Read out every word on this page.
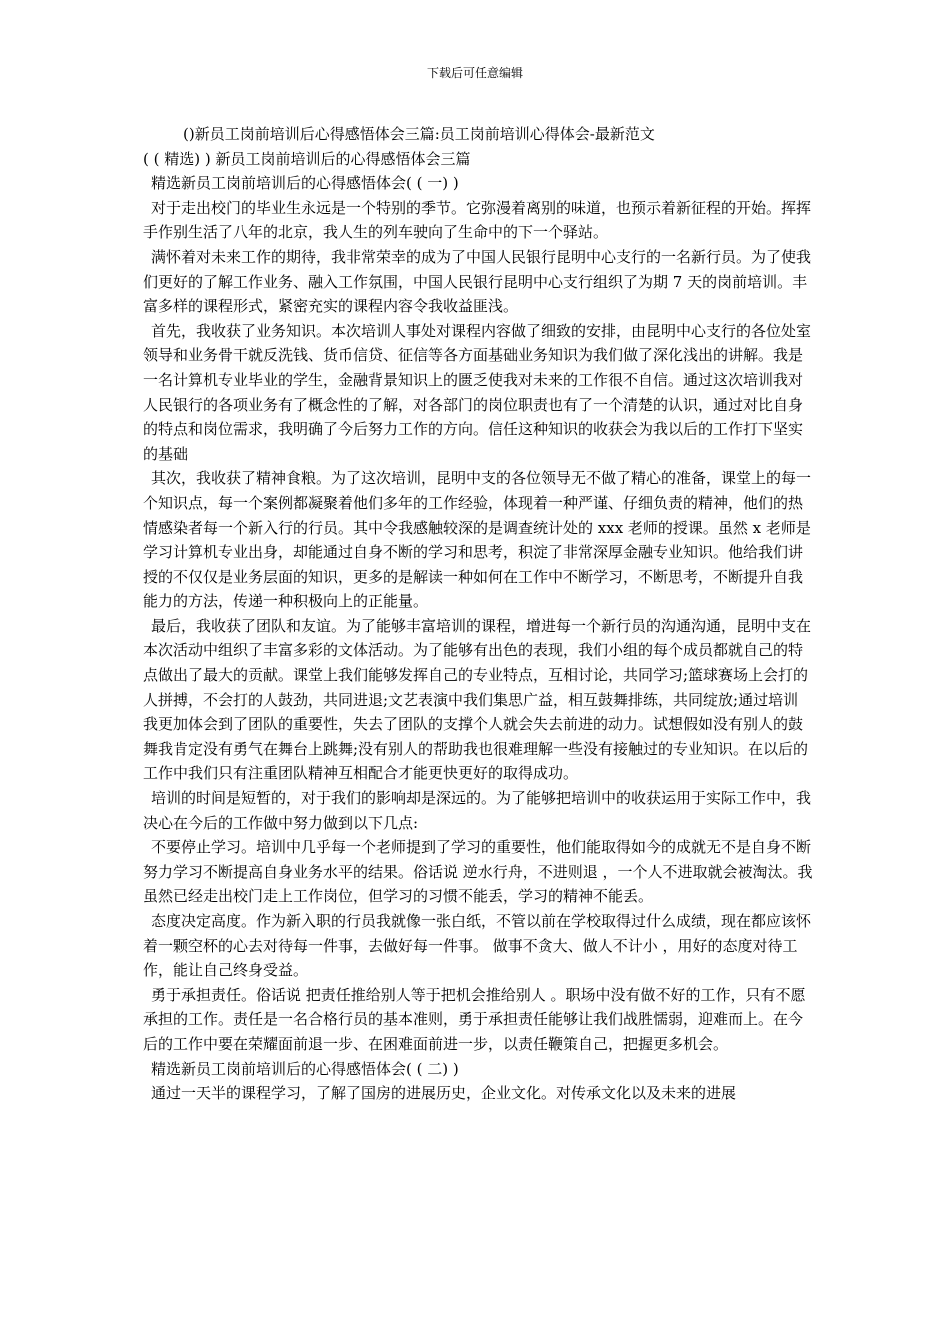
下载后可任意编辑

()新员工岗前培训后心得感悟体会三篇:员工岗前培训心得体会-最新范文

( ( 精选) ) 新员工岗前培训后的心得感悟体会三篇

精选新员工岗前培训后的心得感悟体会( ( 一) )

对于走出校门的毕业生永远是一个特别的季节。它弥漫着离别的味道，也预示着新征程的开始。挥挥手作别生活了八年的北京，我人生的列车驶向了生命中的下一个驿站。

满怀着对未来工作的期待，我非常荣幸的成为了中国人民银行昆明中心支行的一名新行员。为了使我们更好的了解工作业务、融入工作氛围，中国人民银行昆明中心支行组织了为期 7 天的岗前培训。丰富多样的课程形式，紧密充实的课程内容令我收益匪浅。

首先，我收获了业务知识。本次培训人事处对课程内容做了细致的安排，由昆明中心支行的各位处室领导和业务骨干就反洗钱、货币信贷、征信等各方面基础业务知识为我们做了深化浅出的讲解。我是一名计算机专业毕业的学生，金融背景知识上的匮乏使我对未来的工作很不自信。通过这次培训我对人民银行的各项业务有了概念性的了解，对各部门的岗位职责也有了一个清楚的认识，通过对比自身的特点和岗位需求，我明确了今后努力工作的方向。信任这种知识的收获会为我以后的工作打下坚实的基础

其次，我收获了精神食粮。为了这次培训，昆明中支的各位领导无不做了精心的准备，课堂上的每一个知识点，每一个案例都凝聚着他们多年的工作经验，体现着一种严谨、仔细负责的精神，他们的热情感染者每一个新入行的行员。其中令我感触较深的是调查统计处的 xxx 老师的授课。虽然 x 老师是学习计算机专业出身，却能通过自身不断的学习和思考，积淀了非常深厚金融专业知识。他给我们讲授的不仅仅是业务层面的知识，更多的是解读一种如何在工作中不断学习，不断思考，不断提升自我能力的方法，传递一种积极向上的正能量。

最后，我收获了团队和友谊。为了能够丰富培训的课程，增进每一个新行员的沟通沟通，昆明中支在本次活动中组织了丰富多彩的文体活动。为了能够有出色的表现，我们小组的每个成员都就自己的特点做出了最大的贡献。课堂上我们能够发挥自己的专业特点，互相讨论，共同学习;篮球赛场上会打的人拼搏，不会打的人鼓劲，共同进退;文艺表演中我们集思广益，相互鼓舞排练，共同绽放;通过培训我更加体会到了团队的重要性，失去了团队的支撑个人就会失去前进的动力。试想假如没有别人的鼓舞我肯定没有勇气在舞台上跳舞;没有别人的帮助我也很难理解一些没有接触过的专业知识。在以后的工作中我们只有注重团队精神互相配合才能更快更好的取得成功。

培训的时间是短暂的，对于我们的影响却是深远的。为了能够把培训中的收获运用于实际工作中，我决心在今后的工作做中努力做到以下几点:

不要停止学习。培训中几乎每一个老师提到了学习的重要性，他们能取得如今的成就无不是自身不断努力学习不断提高自身业务水平的结果。俗话说 逆水行舟，不进则退 ，一个人不进取就会被淘汰。我虽然已经走出校门走上工作岗位，但学习的习惯不能丢，学习的精神不能丢。

态度决定高度。作为新入职的行员我就像一张白纸，不管以前在学校取得过什么成绩，现在都应该怀着一颗空杯的心去对待每一件事，去做好每一件事。 做事不贪大、做人不计小 ，用好的态度对待工作，能让自己终身受益。

勇于承担责任。俗话说 把责任推给别人等于把机会推给别人 。职场中没有做不好的工作，只有不愿承担的工作。责任是一名合格行员的基本准则，勇于承担责任能够让我们战胜懦弱，迎难而上。在今后的工作中要在荣耀面前退一步、在困难面前进一步，以责任鞭策自己，把握更多机会。

精选新员工岗前培训后的心得感悟体会( ( 二) )

通过一天半的课程学习，了解了国房的进展历史，企业文化。对传承文化以及未来的进展
